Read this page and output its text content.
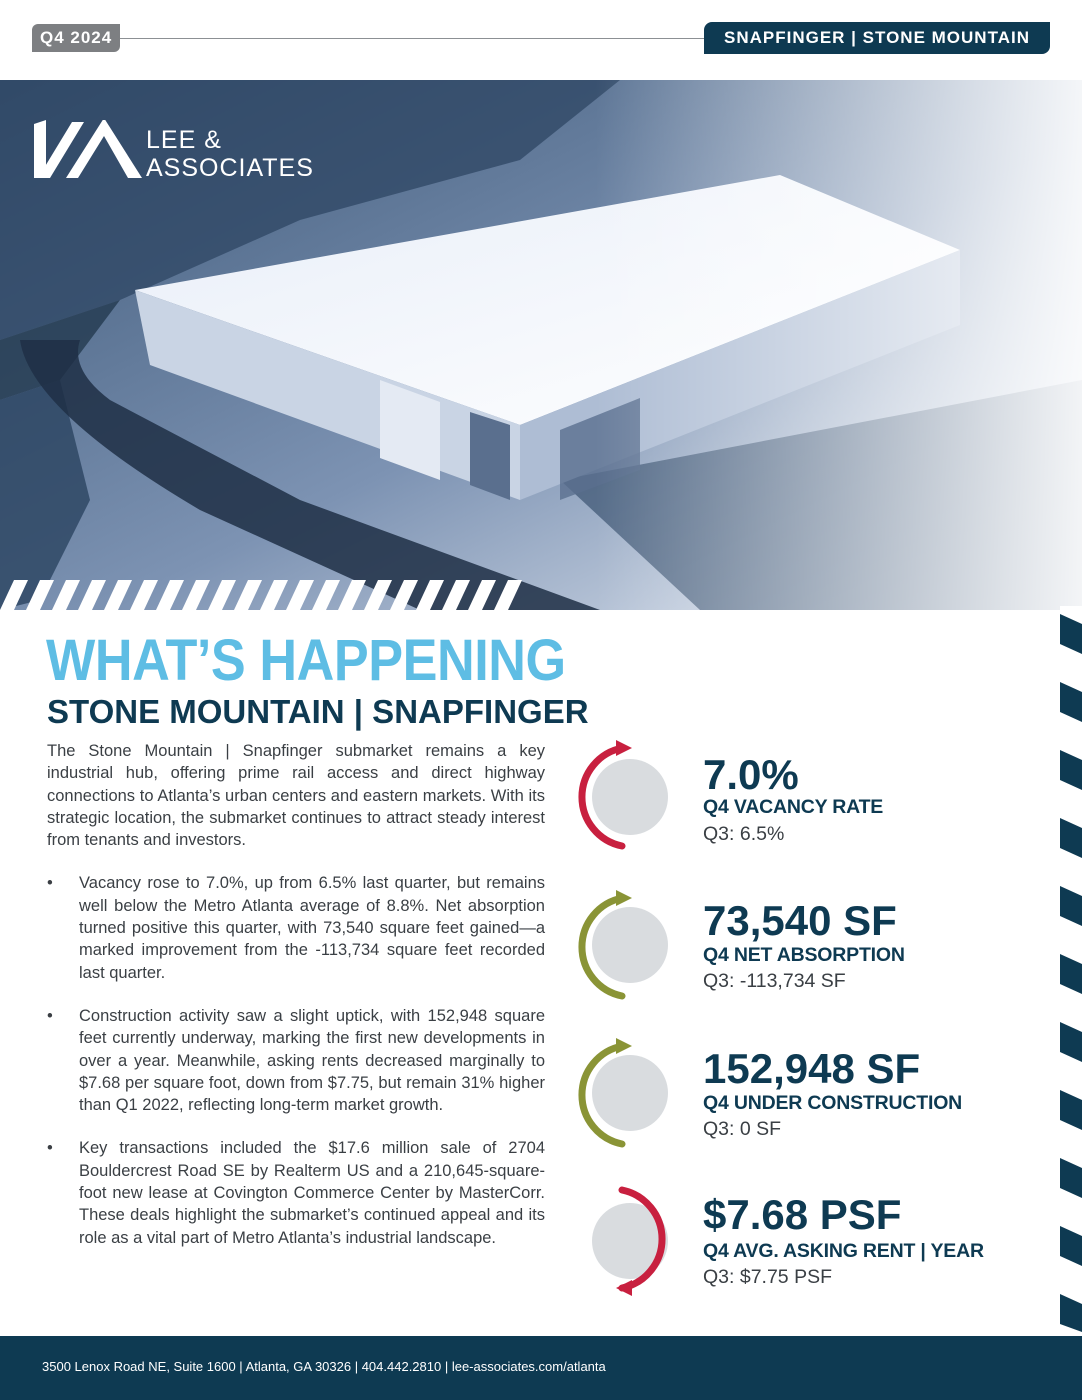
Q4 2024	SNAPFINGER | STONE MOUNTAIN
LEE &
ASSOCIATES
WHAT’S HAPPENING
STONE MOUNTAIN | SNAPFINGER

The Stone Mountain | Snapfinger submarket remains a key industrial hub, offering prime rail access and direct highway connections to Atlanta’s urban centers and eastern markets. With its strategic location, the submarket continues to attract steady interest from tenants and investors.

• Vacancy rose to 7.0%, up from 6.5% last quarter, but remains well below the Metro Atlanta average of 8.8%. Net absorption turned positive this quarter, with 73,540 square feet gained—a marked improvement from the -113,734 square feet recorded last quarter.
• Construction activity saw a slight uptick, with 152,948 square feet currently underway, marking the first new developments in over a year. Meanwhile, asking rents decreased marginally to $7.68 per square foot, down from $7.75, but remain 31% higher than Q1 2022, reflecting long-term market growth.
• Key transactions included the $17.6 million sale of 2704 Bouldercrest Road SE by Realterm US and a 210,645-square-foot new lease at Covington Commerce Center by MasterCorr. These deals highlight the submarket’s continued appeal and its role as a vital part of Metro Atlanta’s industrial landscape.
7.0%
Q4 VACANCY RATE
Q3: 6.5%
73,540 SF
Q4 NET ABSORPTION
Q3: -113,734 SF
152,948 SF
Q4 UNDER CONSTRUCTION
Q3: 0 SF
$7.68 PSF
Q4 AVG. ASKING RENT | YEAR
Q3: $7.75 PSF
3500 Lenox Road NE, Suite 1600 | Atlanta, GA 30326 | 404.442.2810 | lee-associates.com/atlanta
